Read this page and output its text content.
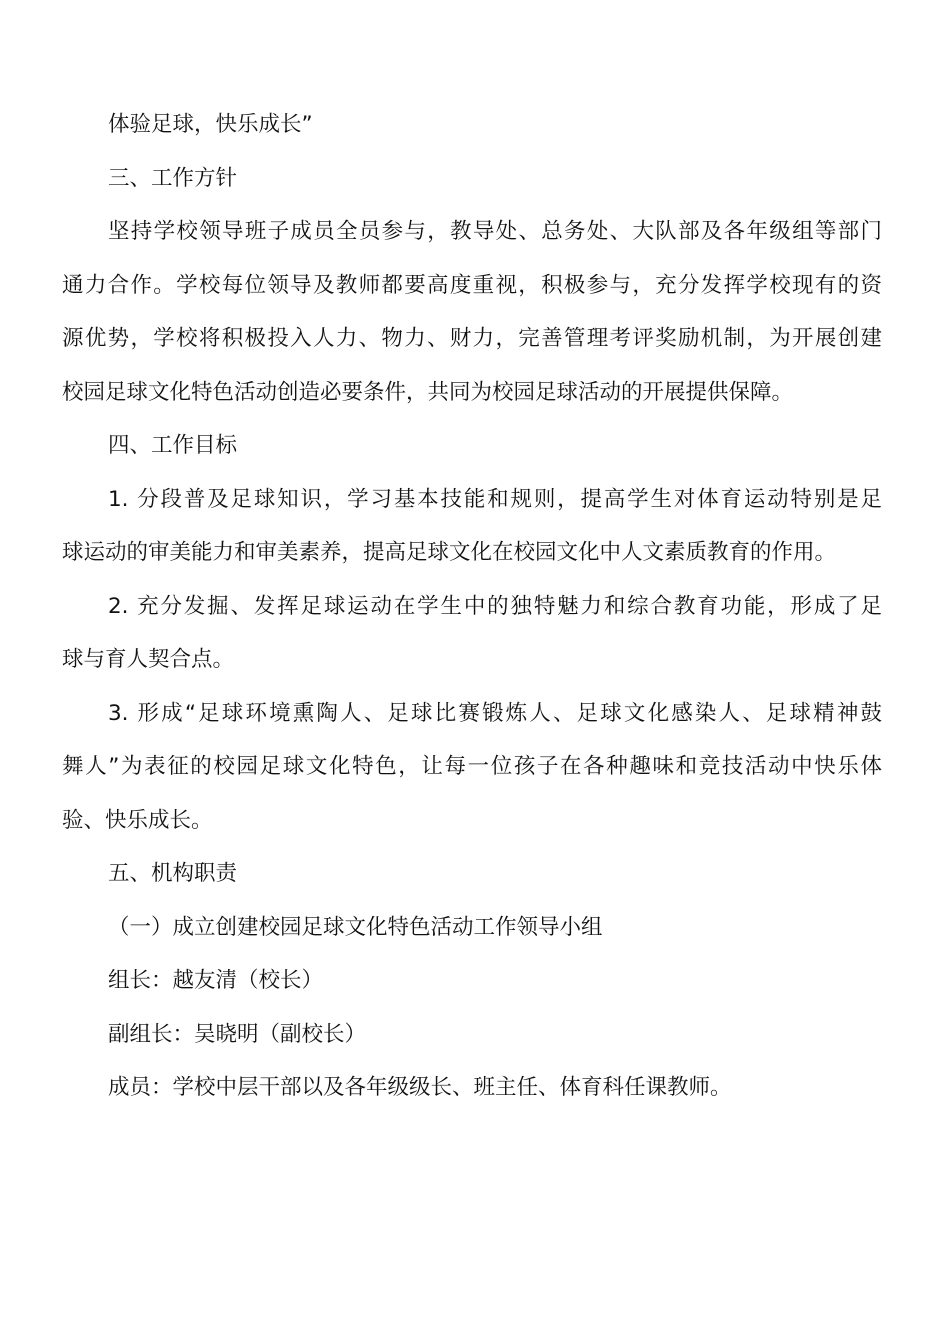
体验足球，快乐成长”
三、工作方针
坚持学校领导班子成员全员参与，教导处、总务处、大队部及各年级组等部门
通力合作。学校每位领导及教师都要高度重视，积极参与，充分发挥学校现有的资
源优势，学校将积极投入人力、物力、财力，完善管理考评奖励机制，为开展创建
校园足球文化特色活动创造必要条件，共同为校园足球活动的开展提供保障。
四、工作目标
1. 分段普及足球知识，学习基本技能和规则，提高学生对体育运动特别是足
球运动的审美能力和审美素养，提高足球文化在校园文化中人文素质教育的作用。
2. 充分发掘、发挥足球运动在学生中的独特魅力和综合教育功能，形成了足
球与育人契合点。
3. 形成“足球环境熏陶人、足球比赛锻炼人、足球文化感染人、足球精神鼓
舞人”为表征的校园足球文化特色，让每一位孩子在各种趣味和竞技活动中快乐体
验、快乐成长。
五、机构职责
（一）成立创建校园足球文化特色活动工作领导小组
组长：越友清（校长）
副组长：吴晓明（副校长）
成员：学校中层干部以及各年级级长、班主任、体育科任课教师。
